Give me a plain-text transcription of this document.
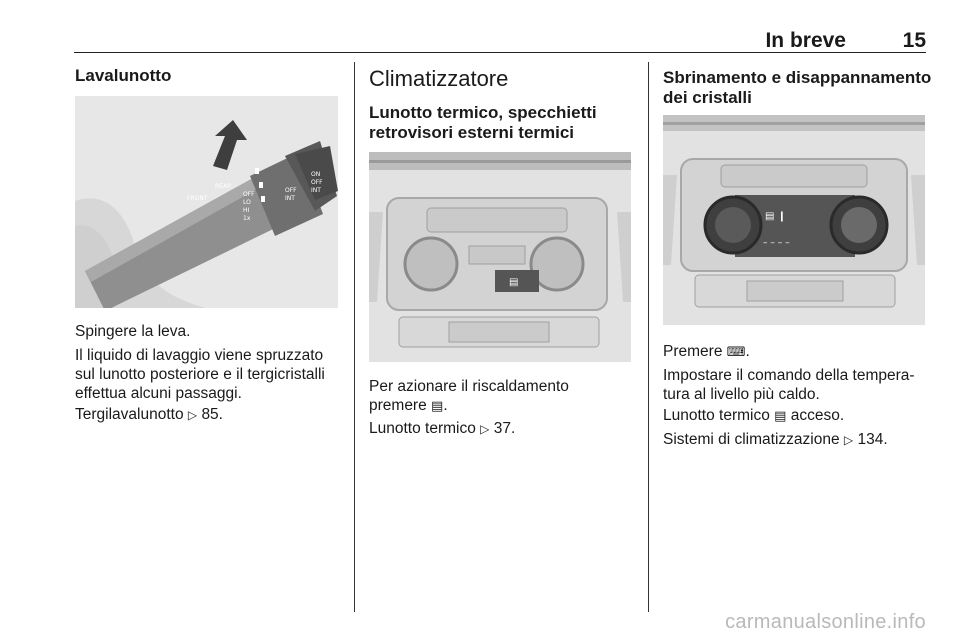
In breve	15
Lavalunotto
FRONT
REAR
OFF
LO
HI
1x
OFF
INT
ON
OFF
INT

Spingere la leva.

Il liquido di lavaggio viene spruzzato

sul lunotto posteriore e il tergicristalli

effettua alcuni passaggi.

Tergilavalunotto ▷ 85.

Climatizzatore
Lunotto termico, specchietti
retrovisori esterni termici
▤

Per azionare il riscaldamento

premere ▤.

Lunotto termico ▷ 37.

Sbrinamento e disappannamento
dei cristalli
▤ ❙
– – – –

Premere ⌨.

Impostare il comando della tempera-

tura al livello più caldo.

Lunotto termico ▤ acceso.

Sistemi di climatizzazione ▷ 134.

carmanualsonline.info
